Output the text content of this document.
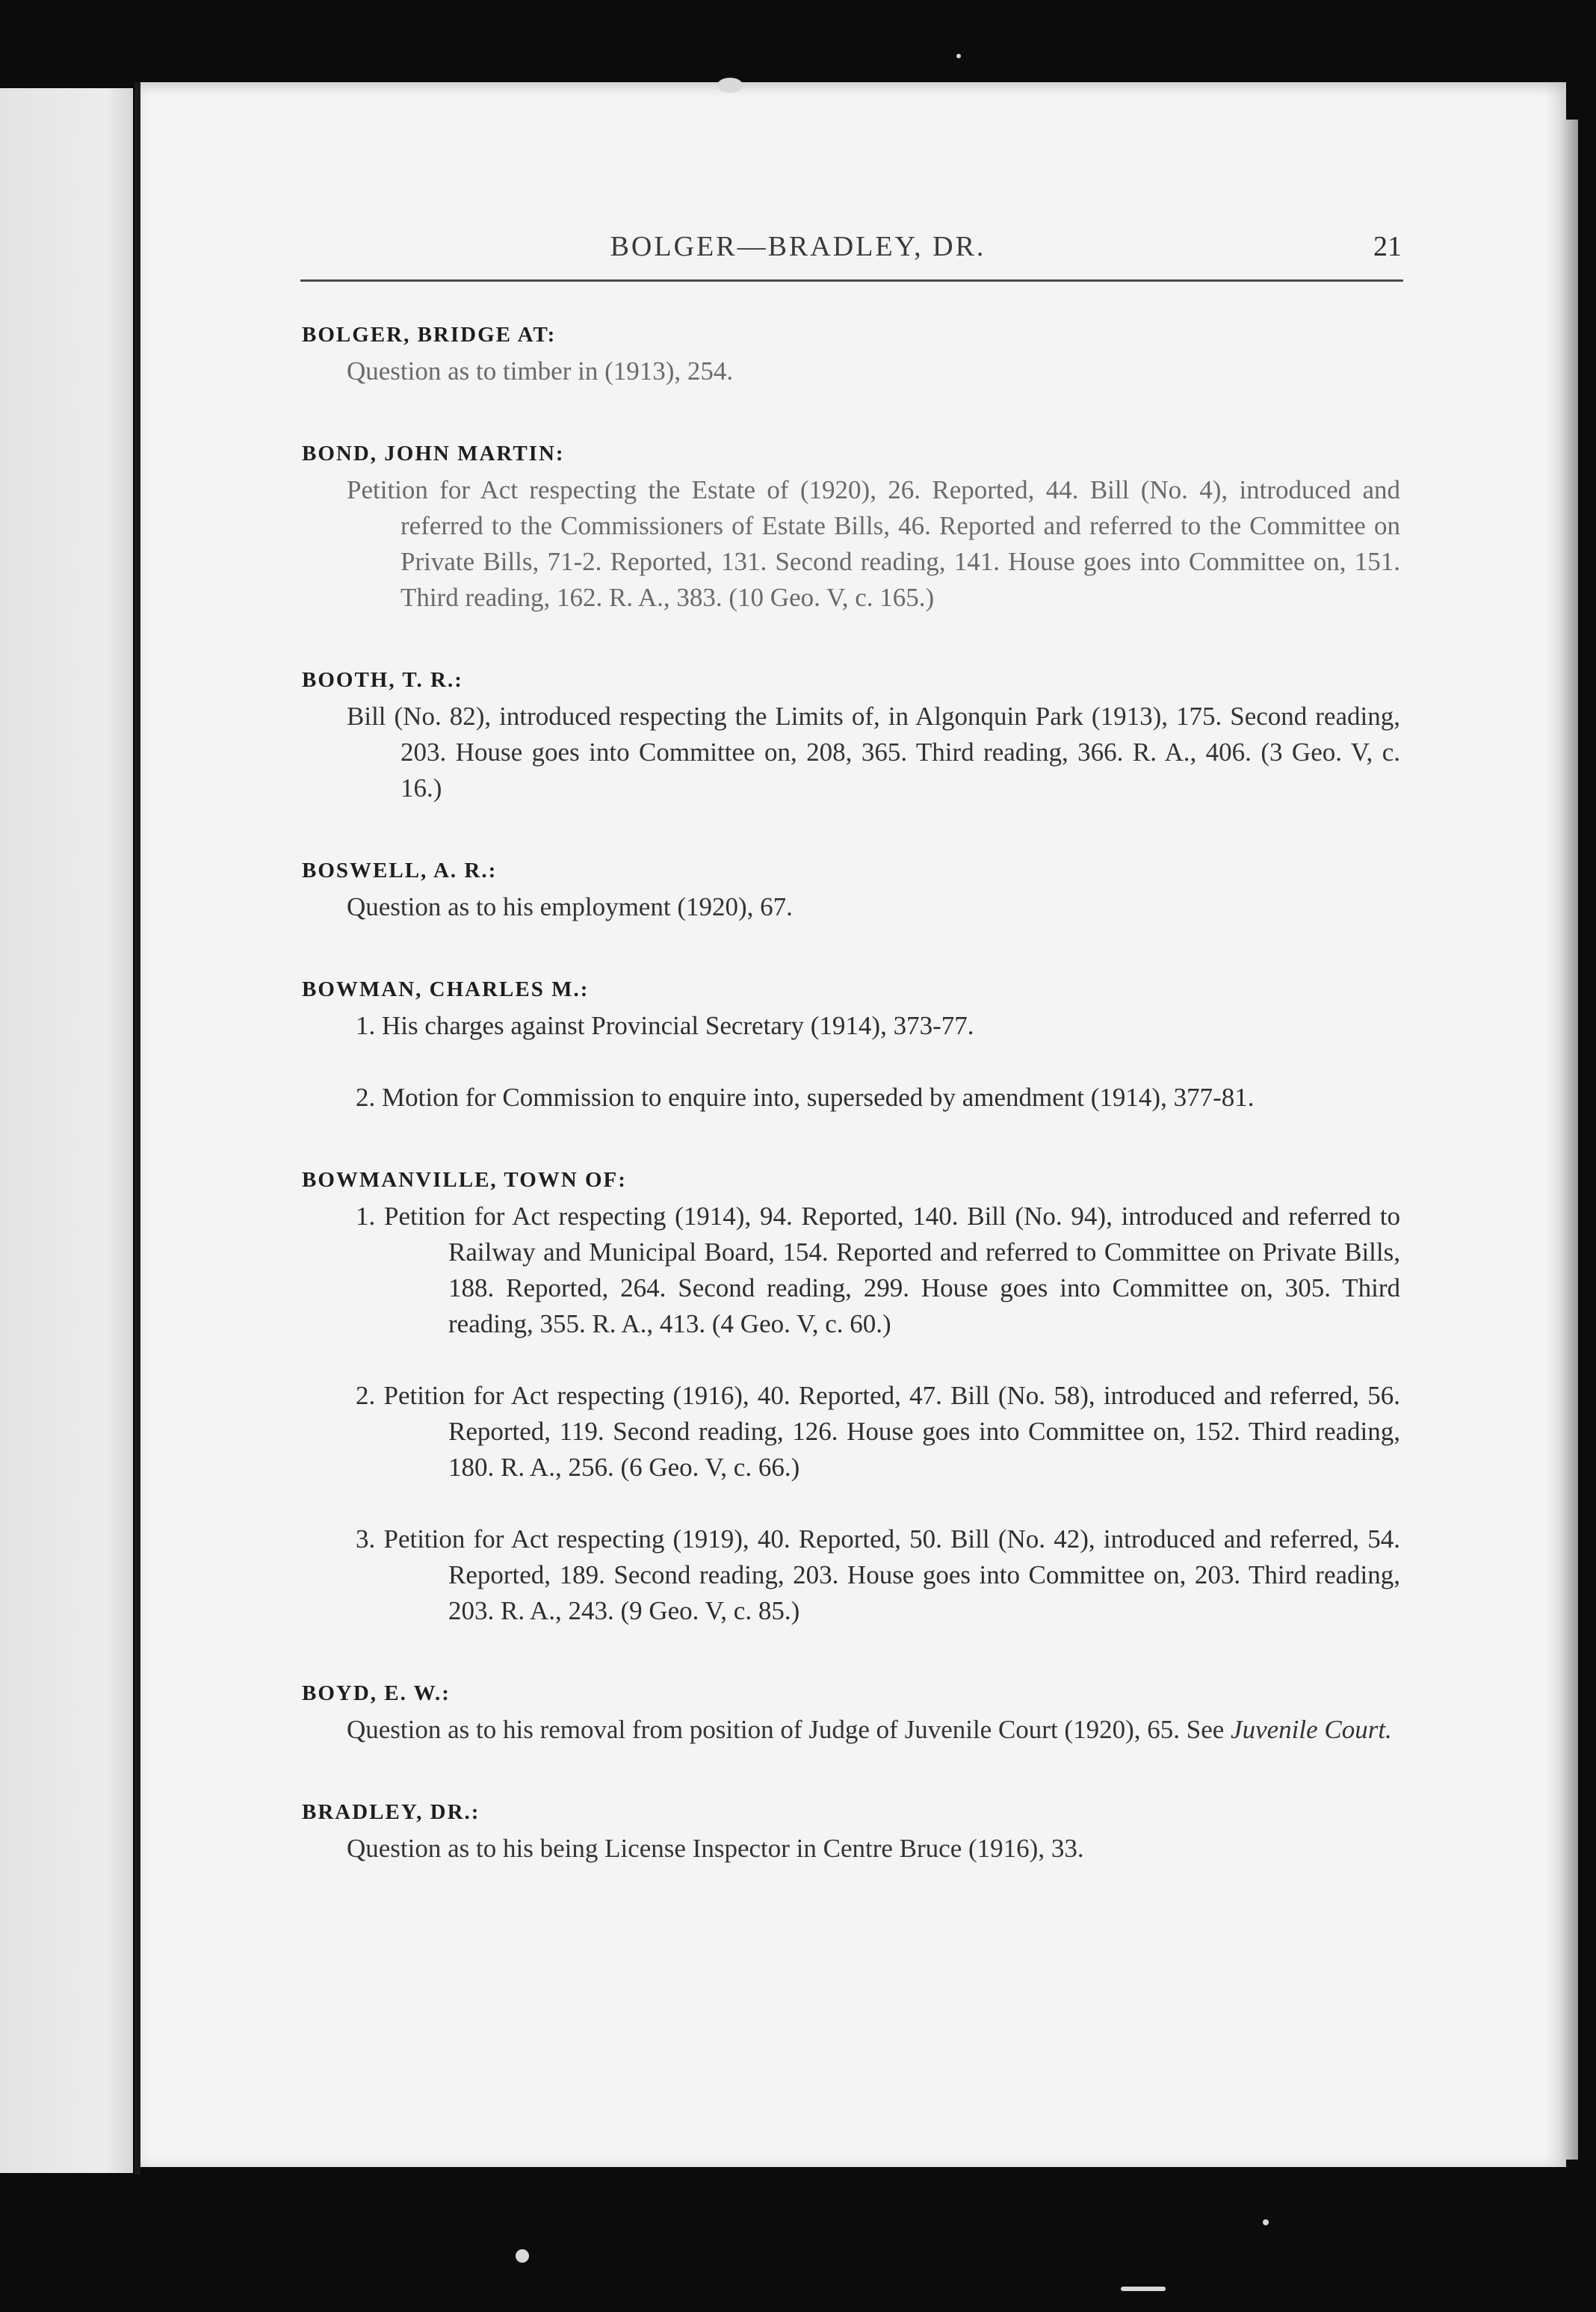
BOLGER—BRADLEY, DR.	21
BOLGER, BRIDGE AT:

Question as to timber in (1913), 254.

BOND, JOHN MARTIN:

Petition for Act respecting the Estate of (1920), 26. Reported, 44. Bill (No. 4), introduced and referred to the Commissioners of Estate Bills, 46. Reported and referred to the Committee on Private Bills, 71-2. Reported, 131. Second reading, 141. House goes into Committee on, 151. Third reading, 162. R. A., 383. (10 Geo. V, c. 165.)

BOOTH, T. R.:

Bill (No. 82), introduced respecting the Limits of, in Algonquin Park (1913), 175. Second reading, 203. House goes into Committee on, 208, 365. Third reading, 366. R. A., 406. (3 Geo. V, c. 16.)

BOSWELL, A. R.:

Question as to his employment (1920), 67.

BOWMAN, CHARLES M.:

1. His charges against Provincial Secretary (1914), 373-77.

2. Motion for Commission to enquire into, superseded by amendment (1914), 377-81.

BOWMANVILLE, TOWN OF:

1. Petition for Act respecting (1914), 94. Reported, 140. Bill (No. 94), introduced and referred to Railway and Municipal Board, 154. Reported and referred to Committee on Private Bills, 188. Reported, 264. Second reading, 299. House goes into Committee on, 305. Third reading, 355. R. A., 413. (4 Geo. V, c. 60.)

2. Petition for Act respecting (1916), 40. Reported, 47. Bill (No. 58), introduced and referred, 56. Reported, 119. Second reading, 126. House goes into Committee on, 152. Third reading, 180. R. A., 256. (6 Geo. V, c. 66.)

3. Petition for Act respecting (1919), 40. Reported, 50. Bill (No. 42), introduced and referred, 54. Reported, 189. Second reading, 203. House goes into Committee on, 203. Third reading, 203. R. A., 243. (9 Geo. V, c. 85.)

BOYD, E. W.:

Question as to his removal from position of Judge of Juvenile Court (1920), 65. See Juvenile Court.

BRADLEY, DR.:

Question as to his being License Inspector in Centre Bruce (1916), 33.
